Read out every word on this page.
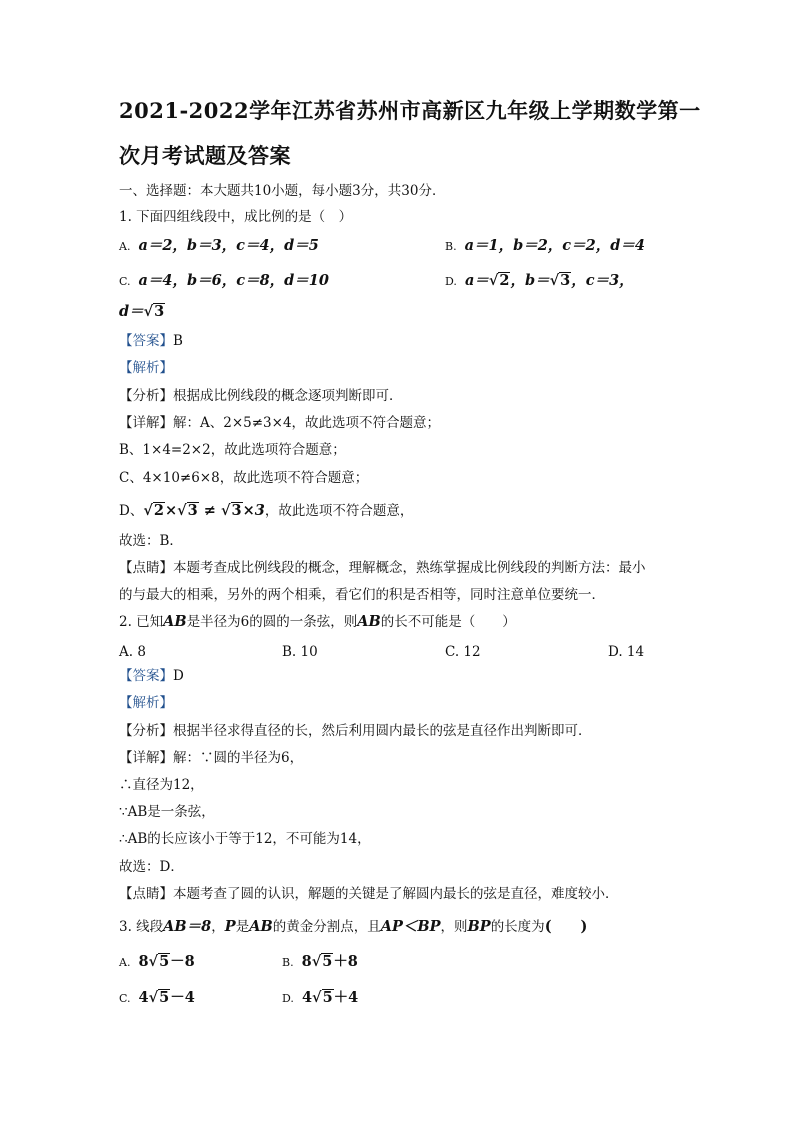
2021-2022学年江苏省苏州市高新区九年级上学期数学第一
次月考试题及答案
一、选择题：本大题共10小题，每小题3分，共30分．
1. 下面四组线段中，成比例的是（　）
A. a＝2，b＝3，c＝4，d＝5	B. a＝1，b＝2，c＝2，d＝4
C. a＝4，b＝6，c＝8，d＝10	D. a＝√2，b＝√3，c＝3，
d＝√3
【答案】B
【解析】
【分析】根据成比例线段的概念逐项判断即可．
【详解】解：A、2×5≠3×4，故此选项不符合题意；
B、1×4=2×2，故此选项符合题意；
C、4×10≠6×8，故此选项不符合题意；
D、√2×√3 ≠ √3×3，故此选项不符合题意，
故选：B．
【点睛】本题考查成比例线段的概念，理解概念，熟练掌握成比例线段的判断方法：最小
的与最大的相乘，另外的两个相乘，看它们的积是否相等，同时注意单位要统一．
2. 已知AB是半径为6的圆的一条弦，则AB的长不可能是（　　）
A. 8	B. 10	C. 12	D. 14
【答案】D
【解析】
【分析】根据半径求得直径的长，然后利用圆内最长的弦是直径作出判断即可．
【详解】解：∵圆的半径为6，
∴直径为12，
∵AB是一条弦，
∴AB的长应该小于等于12，不可能为14，
故选：D．
【点睛】本题考查了圆的认识，解题的关键是了解圆内最长的弦是直径，难度较小．
3. 线段AB＝8，P是AB的黄金分割点，且AP＜BP，则BP的长度为(　　)
A. 8√5－8	B. 8√5＋8
C. 4√5－4	D. 4√5＋4
